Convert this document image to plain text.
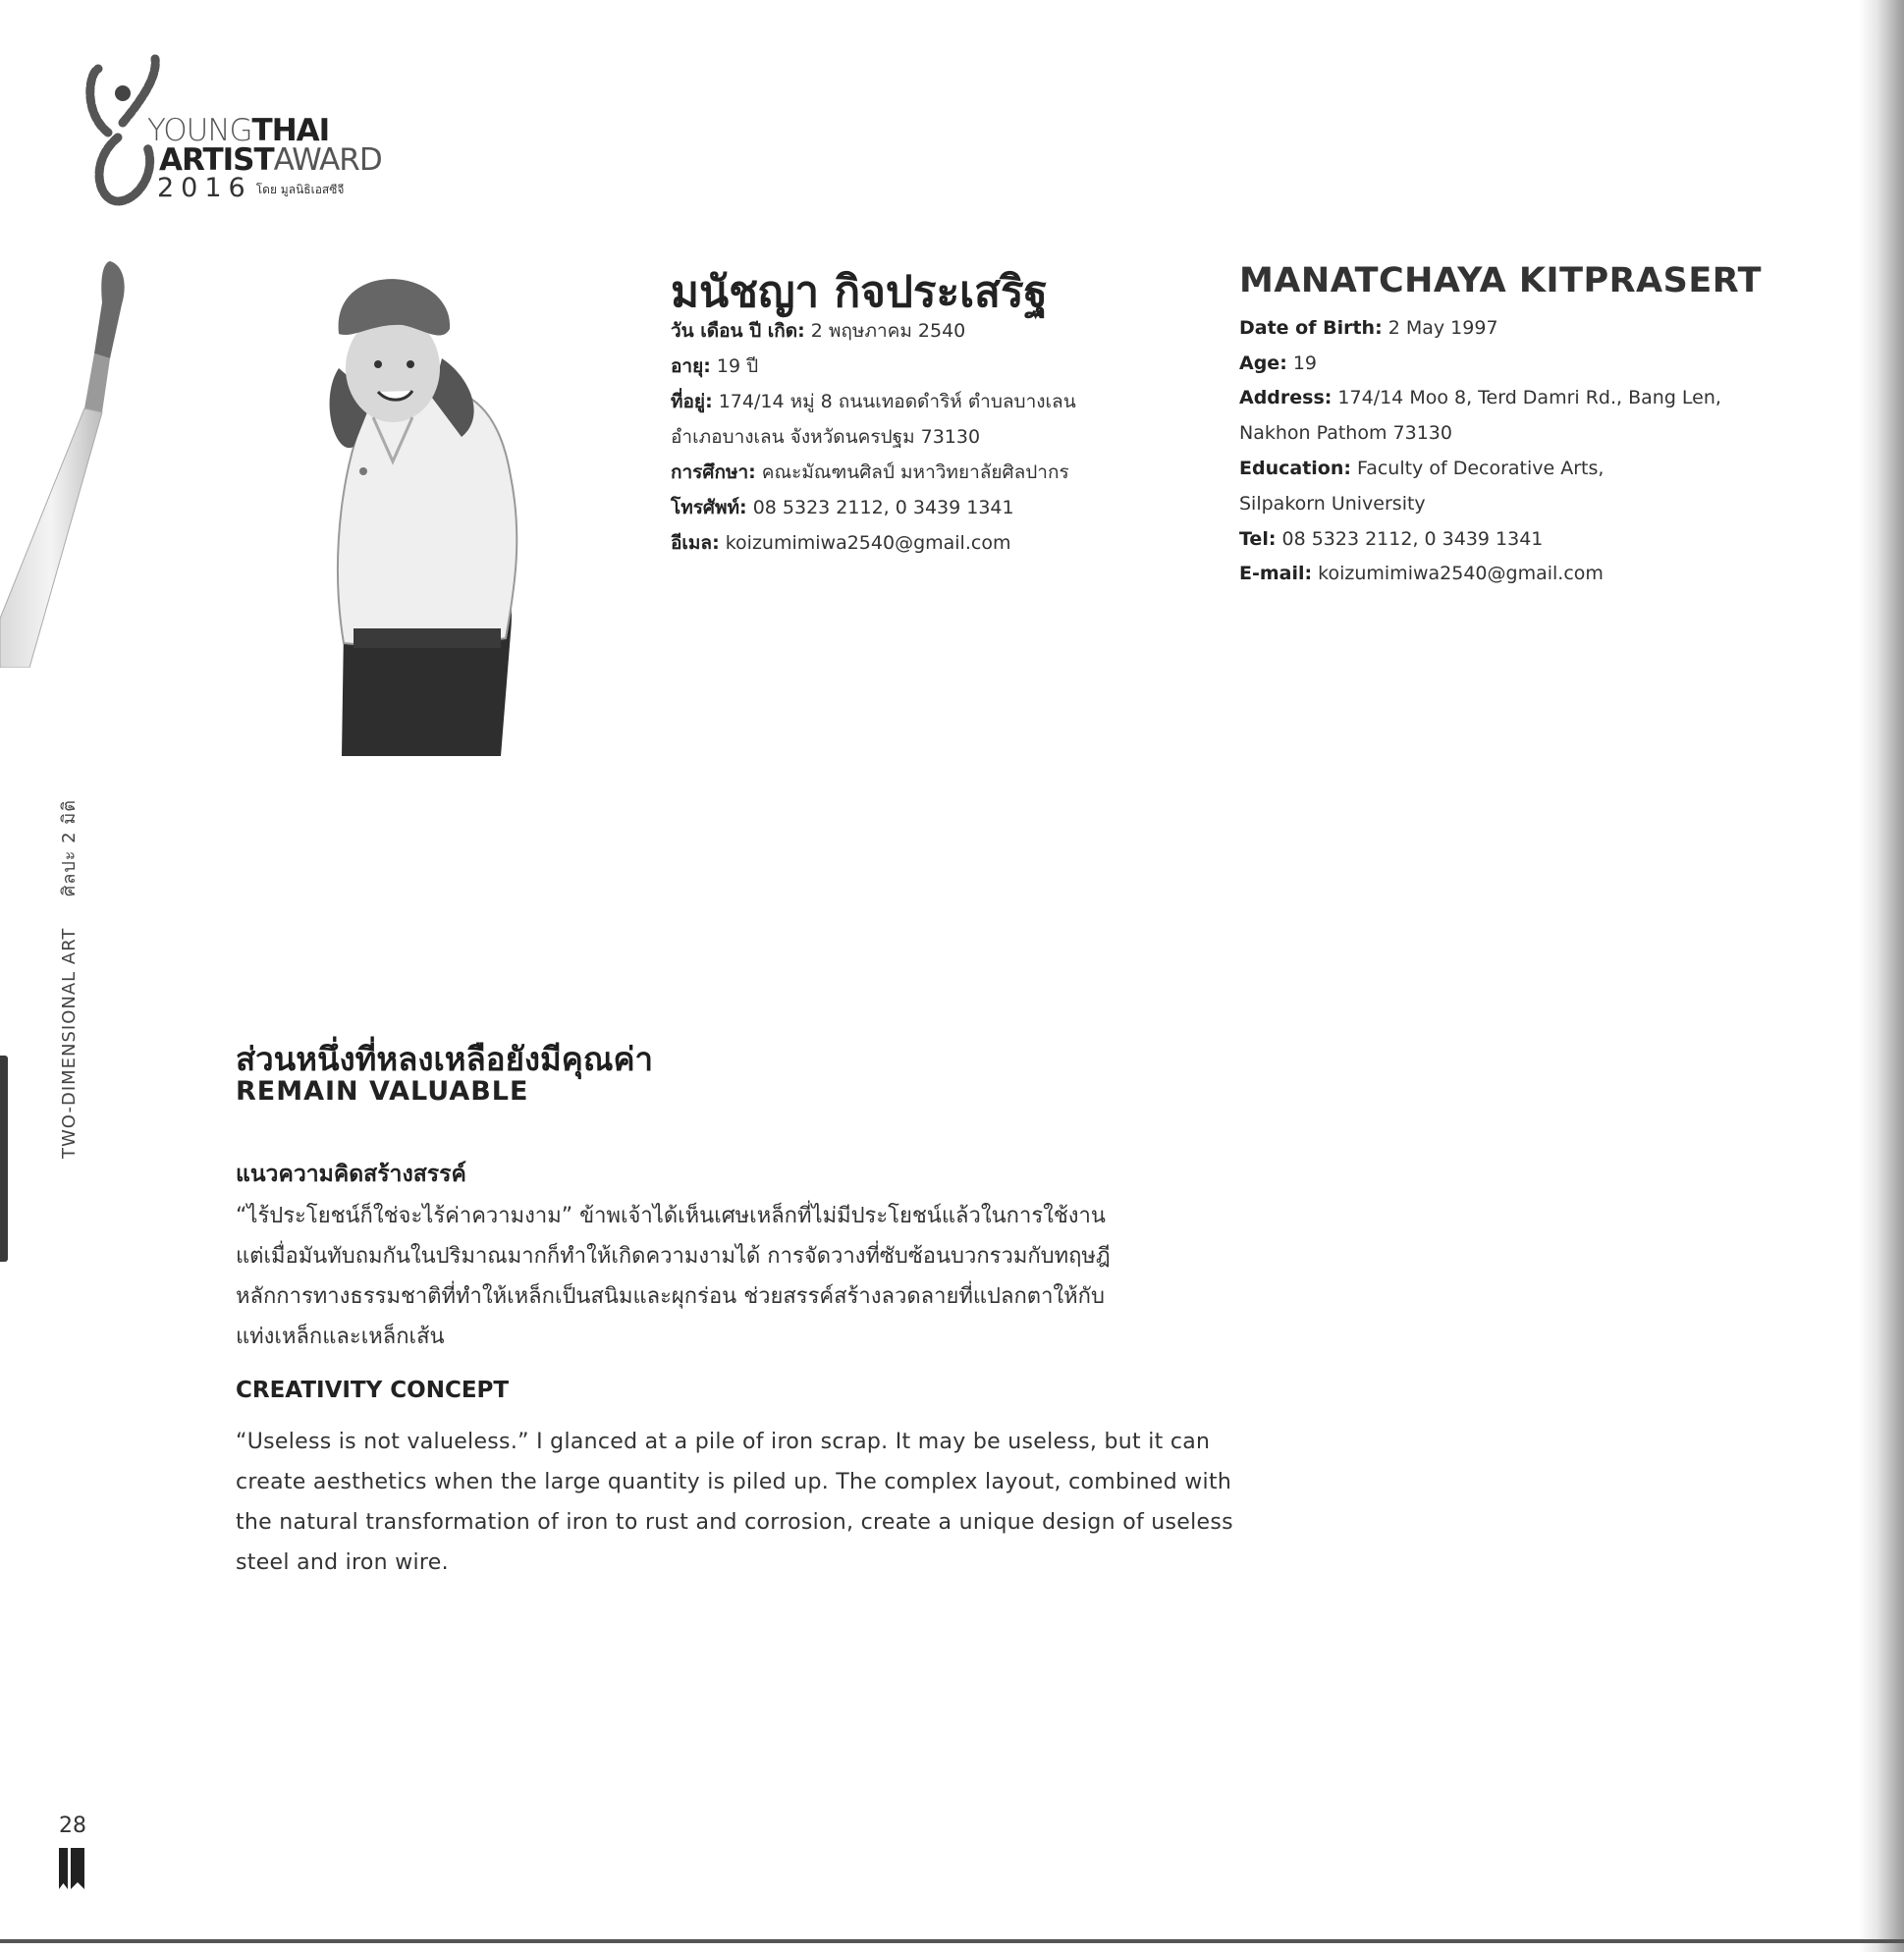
YOUNGTHAI
ARTISTAWARD
2016 โดย มูลนิธิเอสซีจี
มนัชญา กิจประเสริฐ
วัน เดือน ปี เกิด: 2 พฤษภาคม 2540
อายุ: 19 ปี
ที่อยู่: 174/14 หมู่ 8 ถนนเทอดดำริห์ ตำบลบางเลน
อำเภอบางเลน จังหวัดนครปฐม 73130
การศึกษา: คณะมัณฑนศิลป์ มหาวิทยาลัยศิลปากร
โทรศัพท์: 08 5323 2112, 0 3439 1341
อีเมล: koizumimiwa2540@gmail.com
MANATCHAYA KITPRASERT
Date of Birth: 2 May 1997
Age: 19
Address: 174/14 Moo 8, Terd Damri Rd., Bang Len,
Nakhon Pathom 73130
Education: Faculty of Decorative Arts,
Silpakorn University
Tel: 08 5323 2112, 0 3439 1341
E-mail: koizumimiwa2540@gmail.com
TWO-DIMENSIONAL ART  ศิลปะ 2 มิติ
ส่วนหนึ่งที่หลงเหลือยังมีคุณค่า
REMAIN VALUABLE
แนวความคิดสร้างสรรค์
“ไร้ประโยชน์ก็ใช่จะไร้ค่าความงาม” ข้าพเจ้าได้เห็นเศษเหล็กที่ไม่มีประโยชน์แล้วในการใช้งาน
แต่เมื่อมันทับถมกันในปริมาณมากก็ทำให้เกิดความงามได้ การจัดวางที่ซับซ้อนบวกรวมกับทฤษฎี
หลักการทางธรรมชาติที่ทำให้เหล็กเป็นสนิมและผุกร่อน ช่วยสรรค์สร้างลวดลายที่แปลกตาให้กับ
แท่งเหล็กและเหล็กเส้น
CREATIVITY CONCEPT
“Useless is not valueless.” I glanced at a pile of iron scrap. It may be useless, but it can
create aesthetics when the large quantity is piled up. The complex layout, combined with
the natural transformation of iron to rust and corrosion, create a unique design of useless
steel and iron wire.
28
